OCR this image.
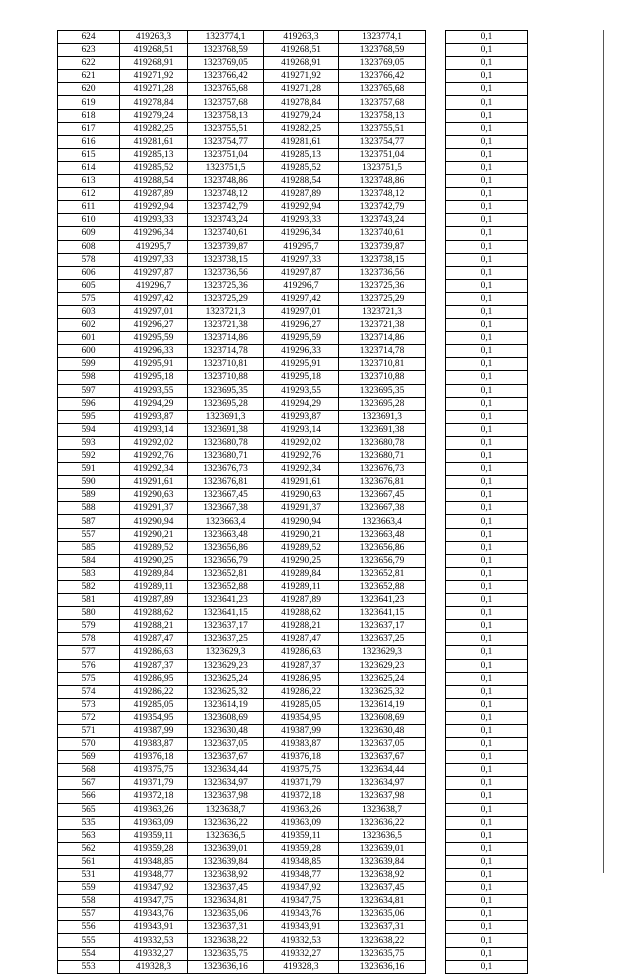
624	419263,3	1323774,1	419263,3	1323774,1
623	419268,51	1323768,59	419268,51	1323768,59
622	419268,91	1323769,05	419268,91	1323769,05
621	419271,92	1323766,42	419271,92	1323766,42
620	419271,28	1323765,68	419271,28	1323765,68
619	419278,84	1323757,68	419278,84	1323757,68
618	419279,24	1323758,13	419279,24	1323758,13
617	419282,25	1323755,51	419282,25	1323755,51
616	419281,61	1323754,77	419281,61	1323754,77
615	419285,13	1323751,04	419285,13	1323751,04
614	419285,52	1323751,5	419285,52	1323751,5
613	419288,54	1323748,86	419288,54	1323748,86
612	419287,89	1323748,12	419287,89	1323748,12
611	419292,94	1323742,79	419292,94	1323742,79
610	419293,33	1323743,24	419293,33	1323743,24
609	419296,34	1323740,61	419296,34	1323740,61
608	419295,7	1323739,87	419295,7	1323739,87
578	419297,33	1323738,15	419297,33	1323738,15
606	419297,87	1323736,56	419297,87	1323736,56
605	419296,7	1323725,36	419296,7	1323725,36
575	419297,42	1323725,29	419297,42	1323725,29
603	419297,01	1323721,3	419297,01	1323721,3
602	419296,27	1323721,38	419296,27	1323721,38
601	419295,59	1323714,86	419295,59	1323714,86
600	419296,33	1323714,78	419296,33	1323714,78
599	419295,91	1323710,81	419295,91	1323710,81
598	419295,18	1323710,88	419295,18	1323710,88
597	419293,55	1323695,35	419293,55	1323695,35
596	419294,29	1323695,28	419294,29	1323695,28
595	419293,87	1323691,3	419293,87	1323691,3
594	419293,14	1323691,38	419293,14	1323691,38
593	419292,02	1323680,78	419292,02	1323680,78
592	419292,76	1323680,71	419292,76	1323680,71
591	419292,34	1323676,73	419292,34	1323676,73
590	419291,61	1323676,81	419291,61	1323676,81
589	419290,63	1323667,45	419290,63	1323667,45
588	419291,37	1323667,38	419291,37	1323667,38
587	419290,94	1323663,4	419290,94	1323663,4
557	419290,21	1323663,48	419290,21	1323663,48
585	419289,52	1323656,86	419289,52	1323656,86
584	419290,25	1323656,79	419290,25	1323656,79
583	419289,84	1323652,81	419289,84	1323652,81
582	419289,11	1323652,88	419289,11	1323652,88
581	419287,89	1323641,23	419287,89	1323641,23
580	419288,62	1323641,15	419288,62	1323641,15
579	419288,21	1323637,17	419288,21	1323637,17
578	419287,47	1323637,25	419287,47	1323637,25
577	419286,63	1323629,3	419286,63	1323629,3
576	419287,37	1323629,23	419287,37	1323629,23
575	419286,95	1323625,24	419286,95	1323625,24
574	419286,22	1323625,32	419286,22	1323625,32
573	419285,05	1323614,19	419285,05	1323614,19
572	419354,95	1323608,69	419354,95	1323608,69
571	419387,99	1323630,48	419387,99	1323630,48
570	419383,87	1323637,05	419383,87	1323637,05
569	419376,18	1323637,67	419376,18	1323637,67
568	419375,75	1323634,44	419375,75	1323634,44
567	419371,79	1323634,97	419371,79	1323634,97
566	419372,18	1323637,98	419372,18	1323637,98
565	419363,26	1323638,7	419363,26	1323638,7
535	419363,09	1323636,22	419363,09	1323636,22
563	419359,11	1323636,5	419359,11	1323636,5
562	419359,28	1323639,01	419359,28	1323639,01
561	419348,85	1323639,84	419348,85	1323639,84
531	419348,77	1323638,92	419348,77	1323638,92
559	419347,92	1323637,45	419347,92	1323637,45
558	419347,75	1323634,81	419347,75	1323634,81
557	419343,76	1323635,06	419343,76	1323635,06
556	419343,91	1323637,31	419343,91	1323637,31
555	419332,53	1323638,22	419332,53	1323638,22
554	419332,27	1323635,75	419332,27	1323635,75
553	419328,3	1323636,16	419328,3	1323636,16
0,1
0,1
0,1
0,1
0,1
0,1
0,1
0,1
0,1
0,1
0,1
0,1
0,1
0,1
0,1
0,1
0,1
0,1
0,1
0,1
0,1
0,1
0,1
0,1
0,1
0,1
0,1
0,1
0,1
0,1
0,1
0,1
0,1
0,1
0,1
0,1
0,1
0,1
0,1
0,1
0,1
0,1
0,1
0,1
0,1
0,1
0,1
0,1
0,1
0,1
0,1
0,1
0,1
0,1
0,1
0,1
0,1
0,1
0,1
0,1
0,1
0,1
0,1
0,1
0,1
0,1
0,1
0,1
0,1
0,1
0,1
0,1
